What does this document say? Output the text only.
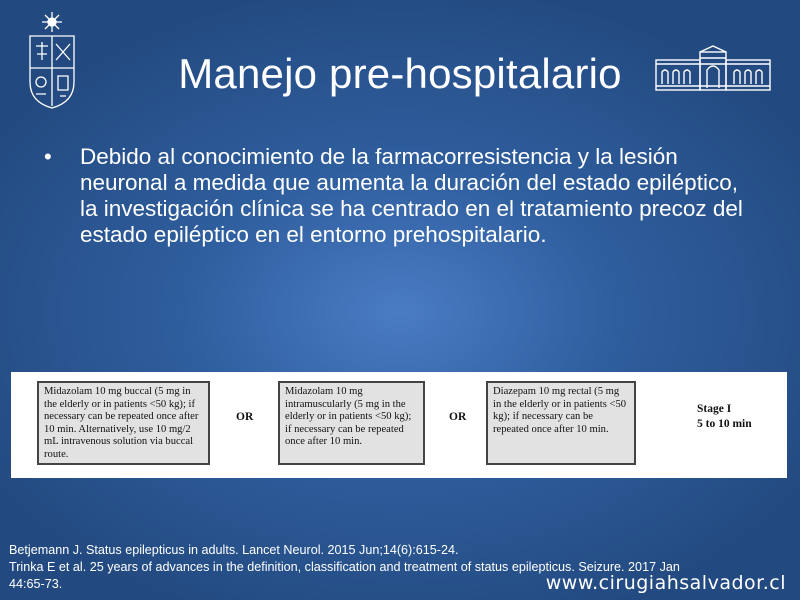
Manejo pre-hospitalario
• Debido al conocimiento de la farmacorresistencia y la lesión neuronal a medida que aumenta la duración del estado epiléptico, la investigación clínica se ha centrado en el tratamiento precoz del estado epiléptico en el entorno prehospitalario.
Midazolam 10 mg buccal (5 mg in the elderly or in patients <50 kg); if necessary can be repeated once after 10 min. Alternatively, use 10 mg/2 mL intravenous solution via buccal route.
OR
Midazolam 10 mg intramuscularly (5 mg in the elderly or in patients <50 kg); if necessary can be repeated once after 10 min.
OR
Diazepam 10 mg rectal (5 mg in the elderly or in patients <50 kg); if necessary can be repeated once after 10 min.
Stage I
5 to 10 min
Betjemann J. Status epilepticus in adults. Lancet Neurol. 2015 Jun;14(6):615-24.
Trinka E et al. 25 years of advances in the definition, classification and treatment of status epilepticus. Seizure. 2017 Jan
44:65-73.	www.cirugiahsalvador.cl
